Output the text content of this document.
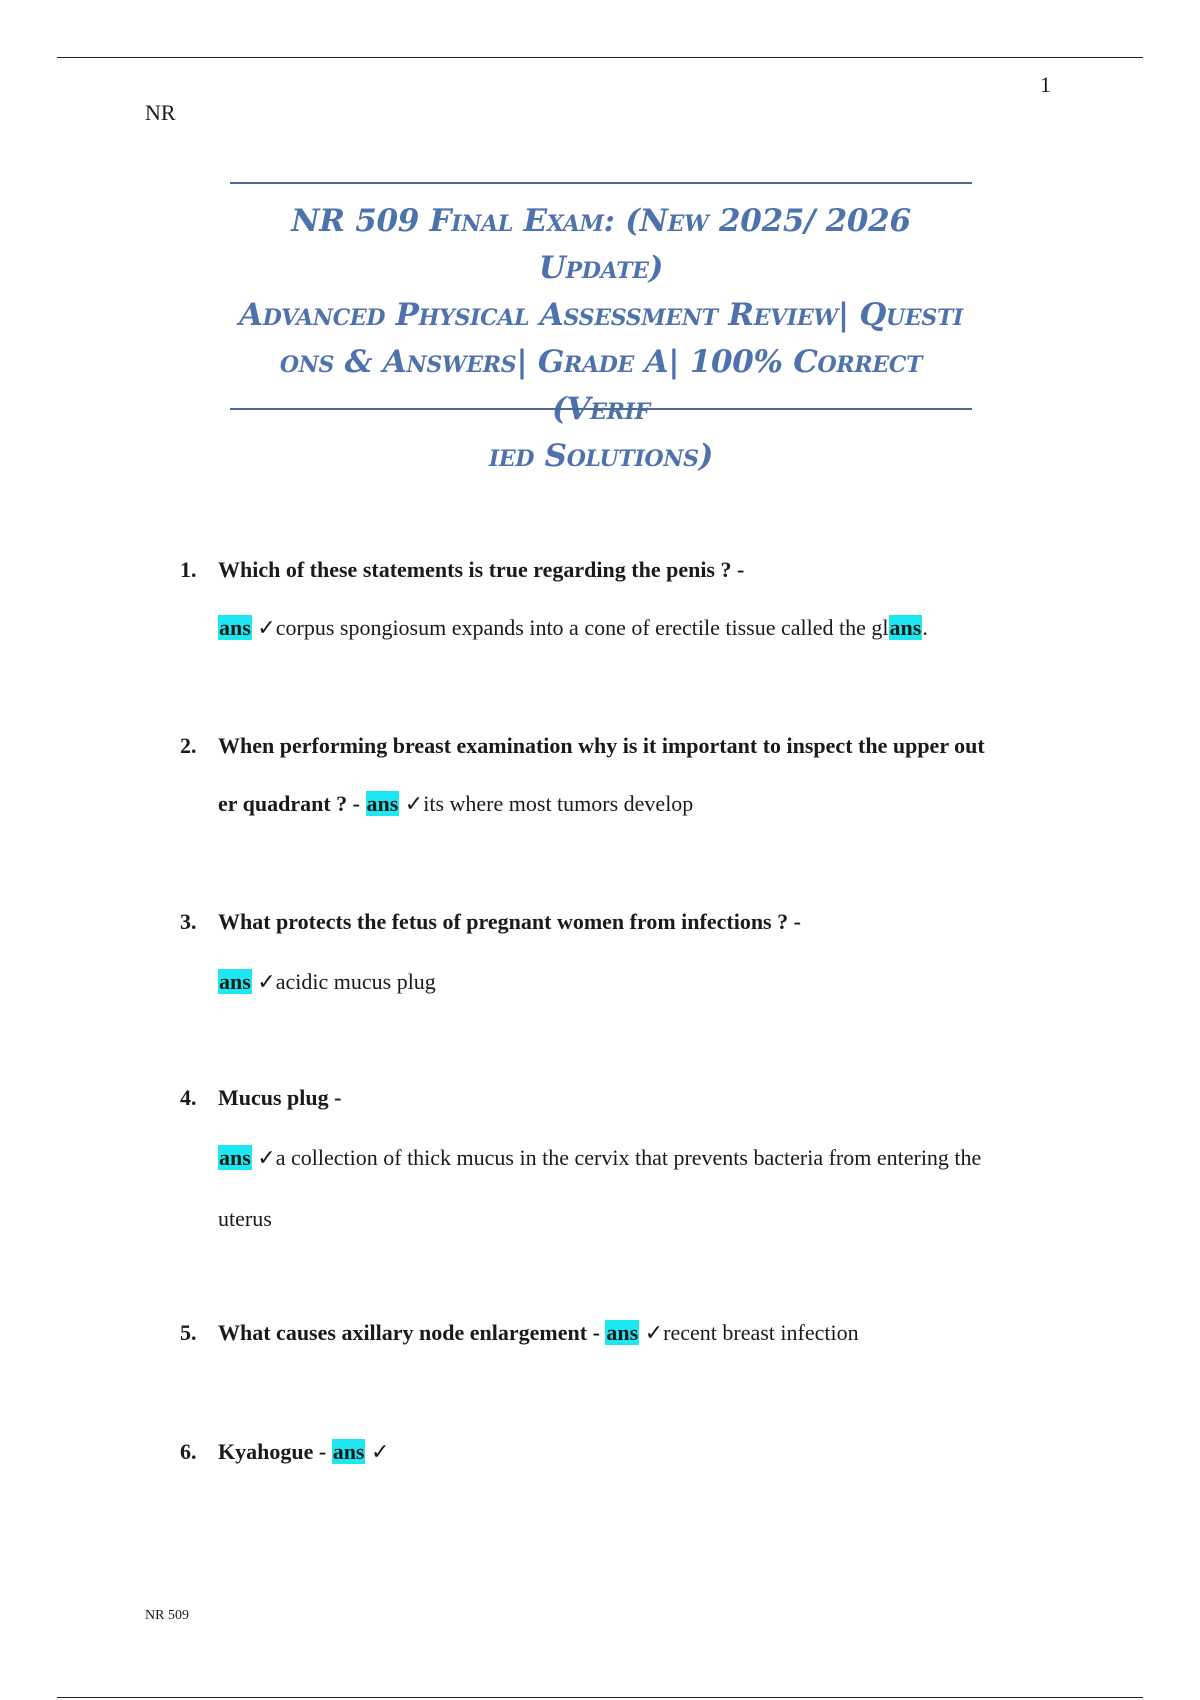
1
NR
NR 509 Final Exam: (New 2025/ 2026 Update)
Advanced Physical Assessment Review| Questi
ons & Answers| Grade A| 100% Correct (Verif
ied Solutions)
1. Which of these statements is true regarding the penis ? -
ans ✓corpus spongiosum expands into a cone of erectile tissue called the glans.
2. When performing breast examination why is it important to inspect the upper out
er quadrant ? - ans ✓its where most tumors develop
3. What protects the fetus of pregnant women from infections ? -
ans ✓acidic mucus plug
4. Mucus plug -
ans ✓a collection of thick mucus in the cervix that prevents bacteria from entering the
uterus
5. What causes axillary node enlargement - ans ✓recent breast infection
6. Kyahogue - ans ✓
NR 509
